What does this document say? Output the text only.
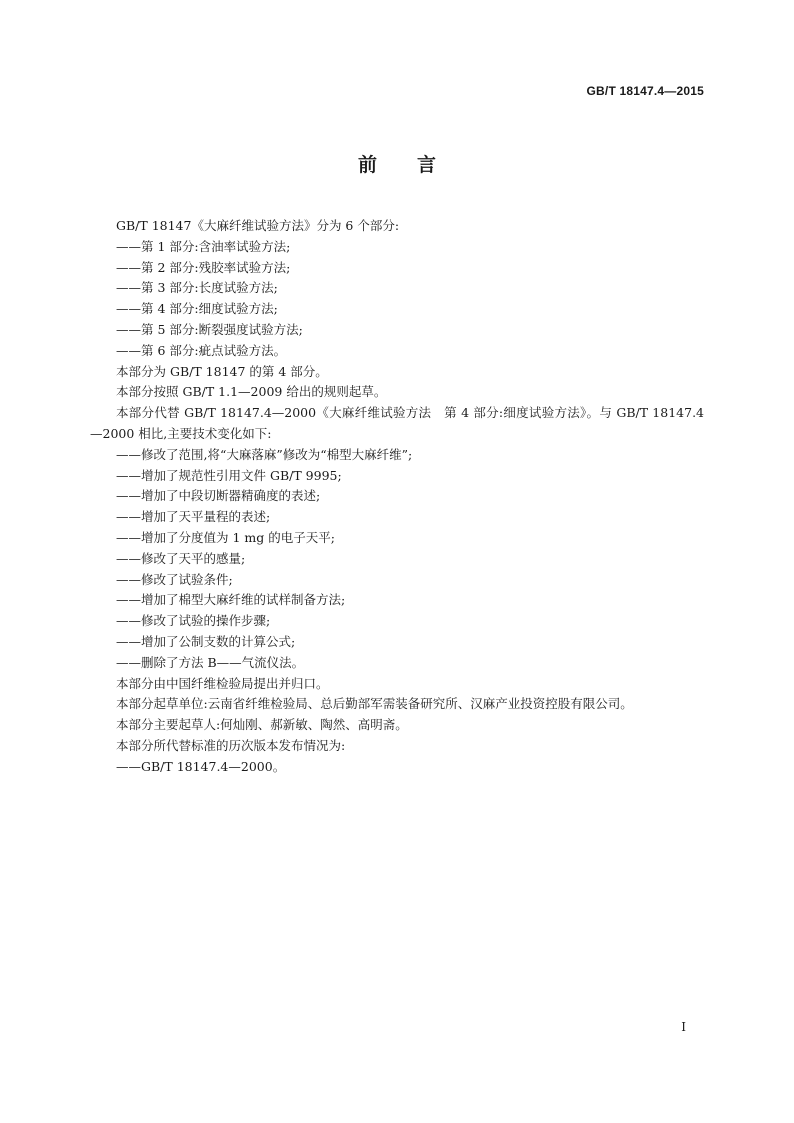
GB/T 18147.4—2015
前言
GB/T 18147《大麻纤维试验方法》分为 6 个部分:
——第 1 部分:含油率试验方法;
——第 2 部分:残胶率试验方法;
——第 3 部分:长度试验方法;
——第 4 部分:细度试验方法;
——第 5 部分:断裂强度试验方法;
——第 6 部分:疵点试验方法。
本部分为 GB/T 18147 的第 4 部分。
本部分按照 GB/T 1.1—2009 给出的规则起草。
本部分代替 GB/T 18147.4—2000《大麻纤维试验方法　第 4 部分:细度试验方法》。与 GB/T 18147.4—2000 相比,主要技术变化如下:
——修改了范围,将“大麻落麻”修改为“棉型大麻纤维”;
——增加了规范性引用文件 GB/T 9995;
——增加了中段切断器精确度的表述;
——增加了天平量程的表述;
——增加了分度值为 1 mg 的电子天平;
——修改了天平的感量;
——修改了试验条件;
——增加了棉型大麻纤维的试样制备方法;
——修改了试验的操作步骤;
——增加了公制支数的计算公式;
——删除了方法 B——气流仪法。
本部分由中国纤维检验局提出并归口。
本部分起草单位:云南省纤维检验局、总后勤部军需装备研究所、汉麻产业投资控股有限公司。
本部分主要起草人:何灿刚、郝新敏、陶然、高明斋。
本部分所代替标准的历次版本发布情况为:
——GB/T 18147.4—2000。
I
